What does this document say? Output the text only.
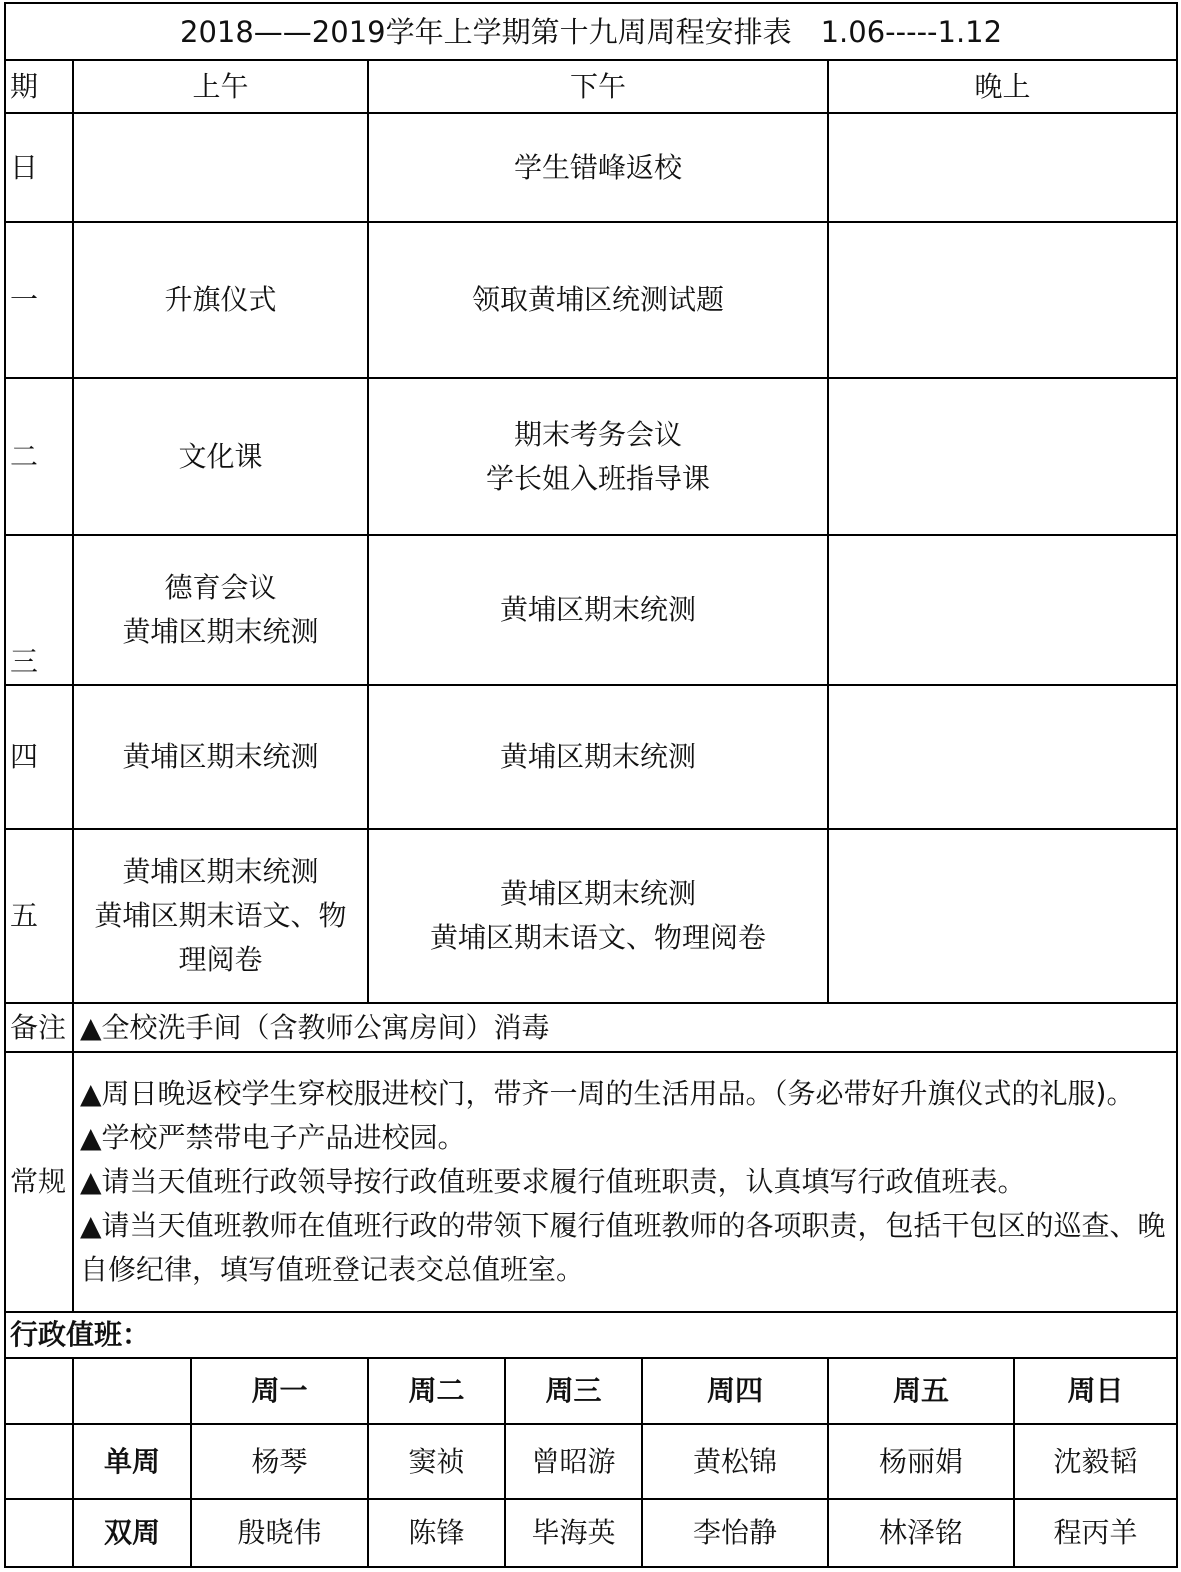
2018——2019学年上学期第十九周周程安排表　1.06-----1.12							
期	上午		下午			晚上	
日			学生错峰返校				

一	升旗仪式		领取黄埔区统测试题				

二	文化课		期末考务会议
学长姐入班指导课				

三	德育会议
黄埔区期末统测		黄埔区期末统测				

四	黄埔区期末统测		黄埔区期末统测				

五	黄埔区期末统测
黄埔区期末语文、物
理阅卷		黄埔区期末统测
黄埔区期末语文、物理阅卷				

备注	▲全校洗手间（含教师公寓房间）消毒						
常规	▲周日晚返校学生穿校服进校门，带齐一周的生活用品。（务必带好升旗仪式的礼服)。
▲学校严禁带电子产品进校园。
▲请当天值班行政领导按行政值班要求履行值班职责，认真填写行政值班表。
▲请当天值班教师在值班行政的带领下履行值班教师的各项职责，包括干包区的巡查、晚自修纪律，填写值班登记表交总值班室。						

行政值班：							
		周一	周二	周三	周四	周五	周日
	单周	杨琴	窦祯	曾昭游	黄松锦	杨丽娟	沈毅韬
	双周	殷晓伟	陈锋	毕海英	李怡静	林泽铭	程丙羊
